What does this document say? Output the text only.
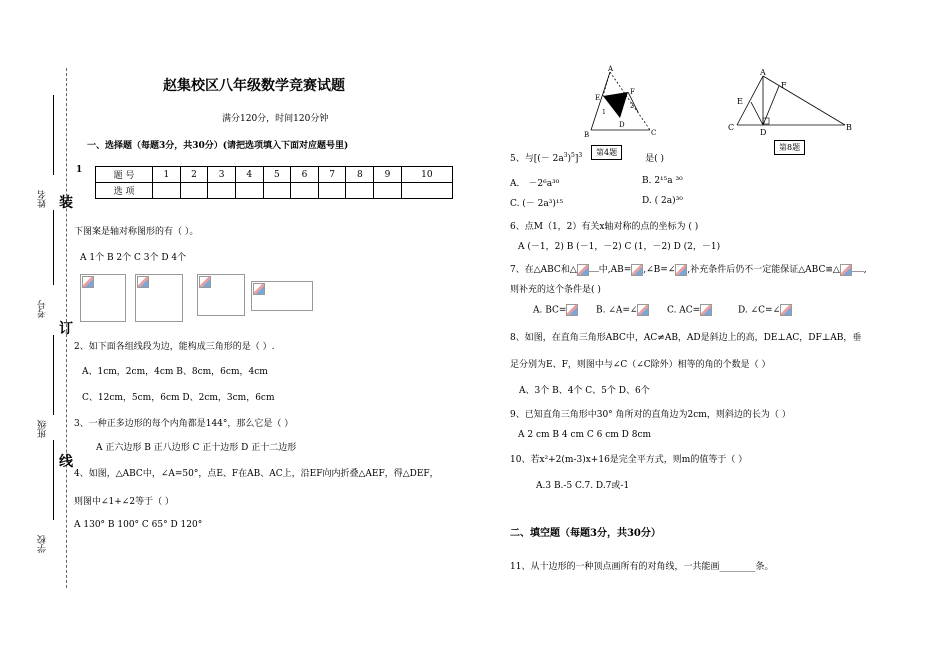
姓名
考号
班级
学校
装
订
线
赵集校区八年级数学竞赛试题
满分120分，时间120分钟
一、选择题（每题3分，共30分）(请把选项填入下面对应题号里)
1
题 号	1	2	3	4	5	6	7	8	9	10
选 项										
下图案是轴对称图形的有（ ）。
A 1个 B 2个 C 3个 D 4个
2、如下面各组线段为边，能构成三角形的是（ ）.
A、1cm，2cm，4cm B、8cm，6cm，4cm
C、12cm，5cm，6cm D、2cm，3cm，6cm
3、一种正多边形的每个内角都是144°，那么它是（ ）
A 正六边形 B 正八边形 C 正十边形 D 正十二边形
4、如图，△ABC中，∠A=50°，点E、F在AB、AC上，沿EF向内折叠△AEF，得△DEF，
则图中∠1+∠2等于（ ）
A 130° B 100° C 65° D 120°
A
B	C
D
E
F
1
2
第4题
A
B
C
D
E
F
第8题
5、与[(－ $2a^3)^5]^3$	是( )
A． －2⁶a³⁰	B. 2¹⁵a ³⁰
C. (－ 2a³)¹⁵	D. ( 2a)³⁰
6、点M（1，2）有关x轴对称的点的坐标为 ( )
A (－1，2) B (－1，－2) C (1，－2) D (2，－1)
7、在△ABC和△ 中,AB= ,∠B=∠ ,补充条件后仍不一定能保证△ABC≌△	,
则补充的这个条件是( )
A. BC=	B. ∠A=∠	C. AC=	D. ∠C=∠
8、如图，在直角三角形ABC中，AC≠AB，AD是斜边上的高，DE⊥AC，DF⊥AB，垂
足分别为E、F，则图中与∠C（∠C除外）相等的角的个数是（ ）
A、3个 B、4个 C、5个 D、6个
9、已知直角三角形中30° 角所对的直角边为2cm，则斜边的长为（ ）
A 2 cm B 4 cm C 6 cm D 8cm
10、若x²+2(m-3)x+16是完全平方式，则m的值等于（ ）
A.3 B.-5 C.7. D.7或-1
二、填空题（每题3分，共30分）
11、从十边形的一种顶点画所有的对角线，一共能画________条。
